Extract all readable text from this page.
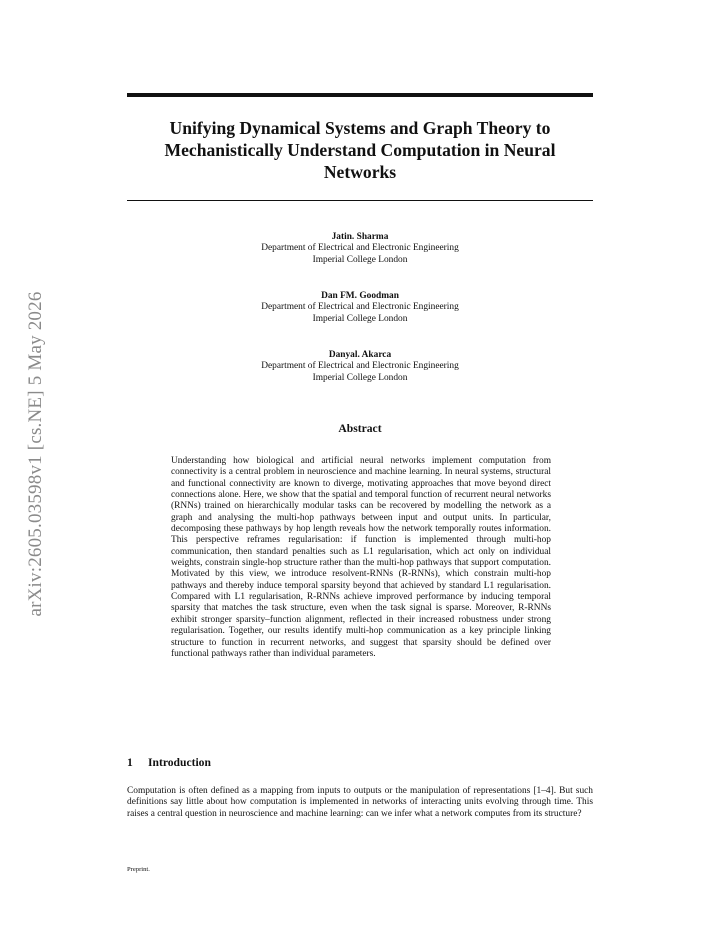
arXiv:2605.03598v1 [cs.NE] 5 May 2026
Unifying Dynamical Systems and Graph Theory to Mechanistically Understand Computation in Neural Networks
Jatin. Sharma
Department of Electrical and Electronic Engineering
Imperial College London
Dan FM. Goodman
Department of Electrical and Electronic Engineering
Imperial College London
Danyal. Akarca
Department of Electrical and Electronic Engineering
Imperial College London
Abstract
Understanding how biological and artificial neural networks implement computation from connectivity is a central problem in neuroscience and machine learning. In neural systems, structural and functional connectivity are known to diverge, motivating approaches that move beyond direct connections alone. Here, we show that the spatial and temporal function of recurrent neural networks (RNNs) trained on hierarchically modular tasks can be recovered by modelling the network as a graph and analysing the multi-hop pathways between input and output units. In particular, decomposing these pathways by hop length reveals how the network temporally routes information. This perspective reframes regularisation: if function is implemented through multi-hop communication, then standard penalties such as L1 regularisation, which act only on individual weights, constrain single-hop structure rather than the multi-hop pathways that support computation. Motivated by this view, we introduce resolvent-RNNs (R-RNNs), which constrain multi-hop pathways and thereby induce temporal sparsity beyond that achieved by standard L1 regularisation. Compared with L1 regularisation, R-RNNs achieve improved performance by inducing temporal sparsity that matches the task structure, even when the task signal is sparse. Moreover, R-RNNs exhibit stronger sparsity–function alignment, reflected in their increased robustness under strong regularisation. Together, our results identify multi-hop communication as a key principle linking structure to function in recurrent networks, and suggest that sparsity should be defined over functional pathways rather than individual parameters.
1 Introduction
Computation is often defined as a mapping from inputs to outputs or the manipulation of representations [1–4]. But such definitions say little about how computation is implemented in networks of interacting units evolving through time. This raises a central question in neuroscience and machine learning: can we infer what a network computes from its structure?
Preprint.
